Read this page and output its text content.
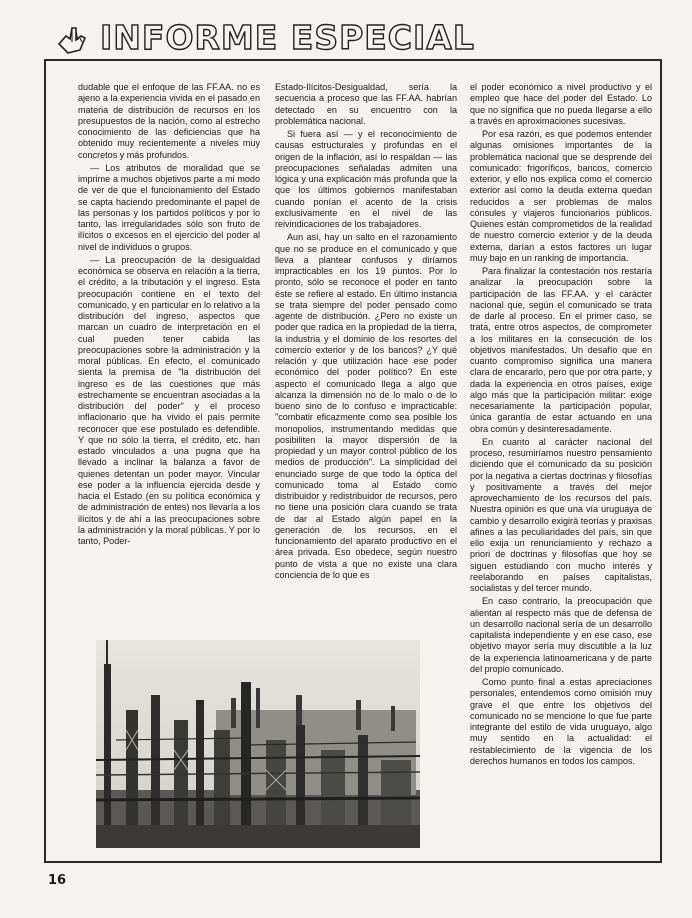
INFORME ESPECIAL

dudable que el enfoque de las FF.AA. no es ajeno a la experiencia vivida en el pasado en materia de distribución de recursos en los presupuestos de la nación, como al estrecho conocimiento de las deficiencias que ha obtenido muy recientemente a niveles muy concretos y más profundos.

— Los atributos de moralidad que se imprime a muchos objetivos parte a mi modo de ver de que el funcionamiento del Estado se capta haciendo predominante el papel de las personas y los partidos políticos y por lo tanto, las irregularidades sólo son fruto de ilícitos o excesos en el ejercicio del poder al nivel de individuos o grupos.

— La preocupación de la desigualdad económica se observa en relación a la tierra, el crédito, a la tributación y el ingreso. Esta preocupación contiene en el texto del comunicado, y en particular en lo relativo a la distribución del ingreso, aspectos que marcan un cuadro de interpretación en el cual pueden tener cabida las preocupaciones sobre la administración y la moral públicas. En efecto, el comunicado sienta la premisa de "la distribución del ingreso es de las cuestiones que más estrechamente se encuentran asociadas a la distribución del poder" y el proceso inflacionario que ha vivido el país permite reconocer que ese postulado es defendible. Y que no sólo la tierra, el crédito, etc. han estado vinculados a una pugna que ha llevado a inclinar la balanza a favor de quienes detentan un poder mayor. Vincular ese poder a la influencia ejercida desde y hacia el Estado (en su política económica y de administración de entes) nos llevaría a los ilícitos y de ahí a las preocupaciones sobre la administración y la moral públicas. Y por lo tanto, Poder-

Estado-Ilícitos-Desigualdad, sería la secuencia a proceso que las FF.AA. habrían detectado en su encuentro con la problemática nacional.

Si fuera así — y el reconocimiento de causas estructurales y profundas en el origen de la inflación, así lo respaldan — las preocupaciones señaladas admiten una lógica y una explicación más profunda que la que los últimos gobiernos manifestaban cuando ponían el acento de la crisis exclusivamente en el nivel de las reivindicaciones de los trabajadores.

Aun así, hay un salto en el razonamiento que no se produce en el comunicado y que lleva a plantear confusos y diríamos impracticables en los 19 puntos. Por lo pronto, sólo se reconoce el poder en tanto éste se refiere al estado. En último instancia se trata siempre del poder pensado como agente de distribución. ¿Pero no existe un poder que radica en la propiedad de la tierra, la industria y el dominio de los resortes del comercio exterior y de los bancos? ¿Y qué relación y que utilización hace ese poder económico del poder político? En este aspecto el comunicado llega a algo que alcanza la dimensión no de lo malo o de lo bueno sino de lo confuso e impracticable: "combatir eficazmente como sea posible los monopolios, instrumentando medidas que posibiliten la mayor dispersión de la propiedad y un mayor control público de los medios de producción". La simplicidad del enunciado surge de que todo la óptica del comunicado toma al Estado como distribuidor y redistribuidor de recursos, pero no tiene una posición clara cuando se trata de dar al Estado algún papel en la generación de los recursos, en el funcionamiento del aparato productivo en el área privada. Eso obedece, según nuestro punto de vista a que no existe una clara conciencia de lo que es

el poder económico a nivel productivo y el empleo que hace del poder del Estado. Lo que no significa que no pueda llegarse a ello a través en aproximaciones sucesivas.

Por esa razón, es que podemos entender algunas omisiones importantes de la problemática nacional que se desprende del comunicado: frigoríficos, bancos, comercio exterior, y ello nos explica como el comercio exterior así como la deuda externa quedan reducidos a ser problemas de malos cónsules y viajeros funcionarios públicos. Quienes están comprometidos de la realidad de nuestro comercio exterior y de la deuda externa, darían a estos factores un lugar muy bajo en un ranking de importancia.

Para finalizar la contestación nos restaría analizar la preocupación sobre la participación de las FF.AA. y el carácter nacional que, según el comunicado se trata de darle al proceso. En el primer caso, se trata, entre otros aspectos, de comprometer a los militares en la consecución de los objetivos manifestados. Un desafío que en cuanto compromiso significa una manera clara de encararlo, pero que por otra parte, y dada la experiencia en otros países, exige algo más que la participación militar: exige necesariamente la participación popular, única garantía de estar actuando en una obra común y desinteresadamente.

En cuanto al carácter nacional del proceso, resumiríamos nuestro pensamiento diciendo que el comunicado da su posición por la negativa a ciertas doctrinas y filosofías y positivamente a través del mejor aprovechamiento de los recursos del país. Nuestra opinión es que una vía uruguaya de cambio y desarrollo exigirá teorías y praxisas afines a las peculiaridades del país, sin que ello exija un renunciamiento y rechazo a priori de doctrinas y filosofías que hoy se siguen estudiando con mucho interés y reelaborando en países capitalistas, socialistas y del tercer mundo.

En caso contrario, la preocupación que alientan al respecto más que de defensa de un desarrollo nacional sería de un desarrollo capitalista independiente y en ese caso, ese objetivo mayor sería muy discutible a la luz de la experiencia latinoamericana y de parte del propio comunicado.

Como punto final a estas apreciaciones personales, entendemos como omisión muy grave el que entre los objetivos del comunicado no se mencione lo que fue parte integrante del estilo de vida uruguayo, algo muy sentido en la actualidad: el restablecimiento de la vigencia de los derechos humanos en todos los campos.

16
